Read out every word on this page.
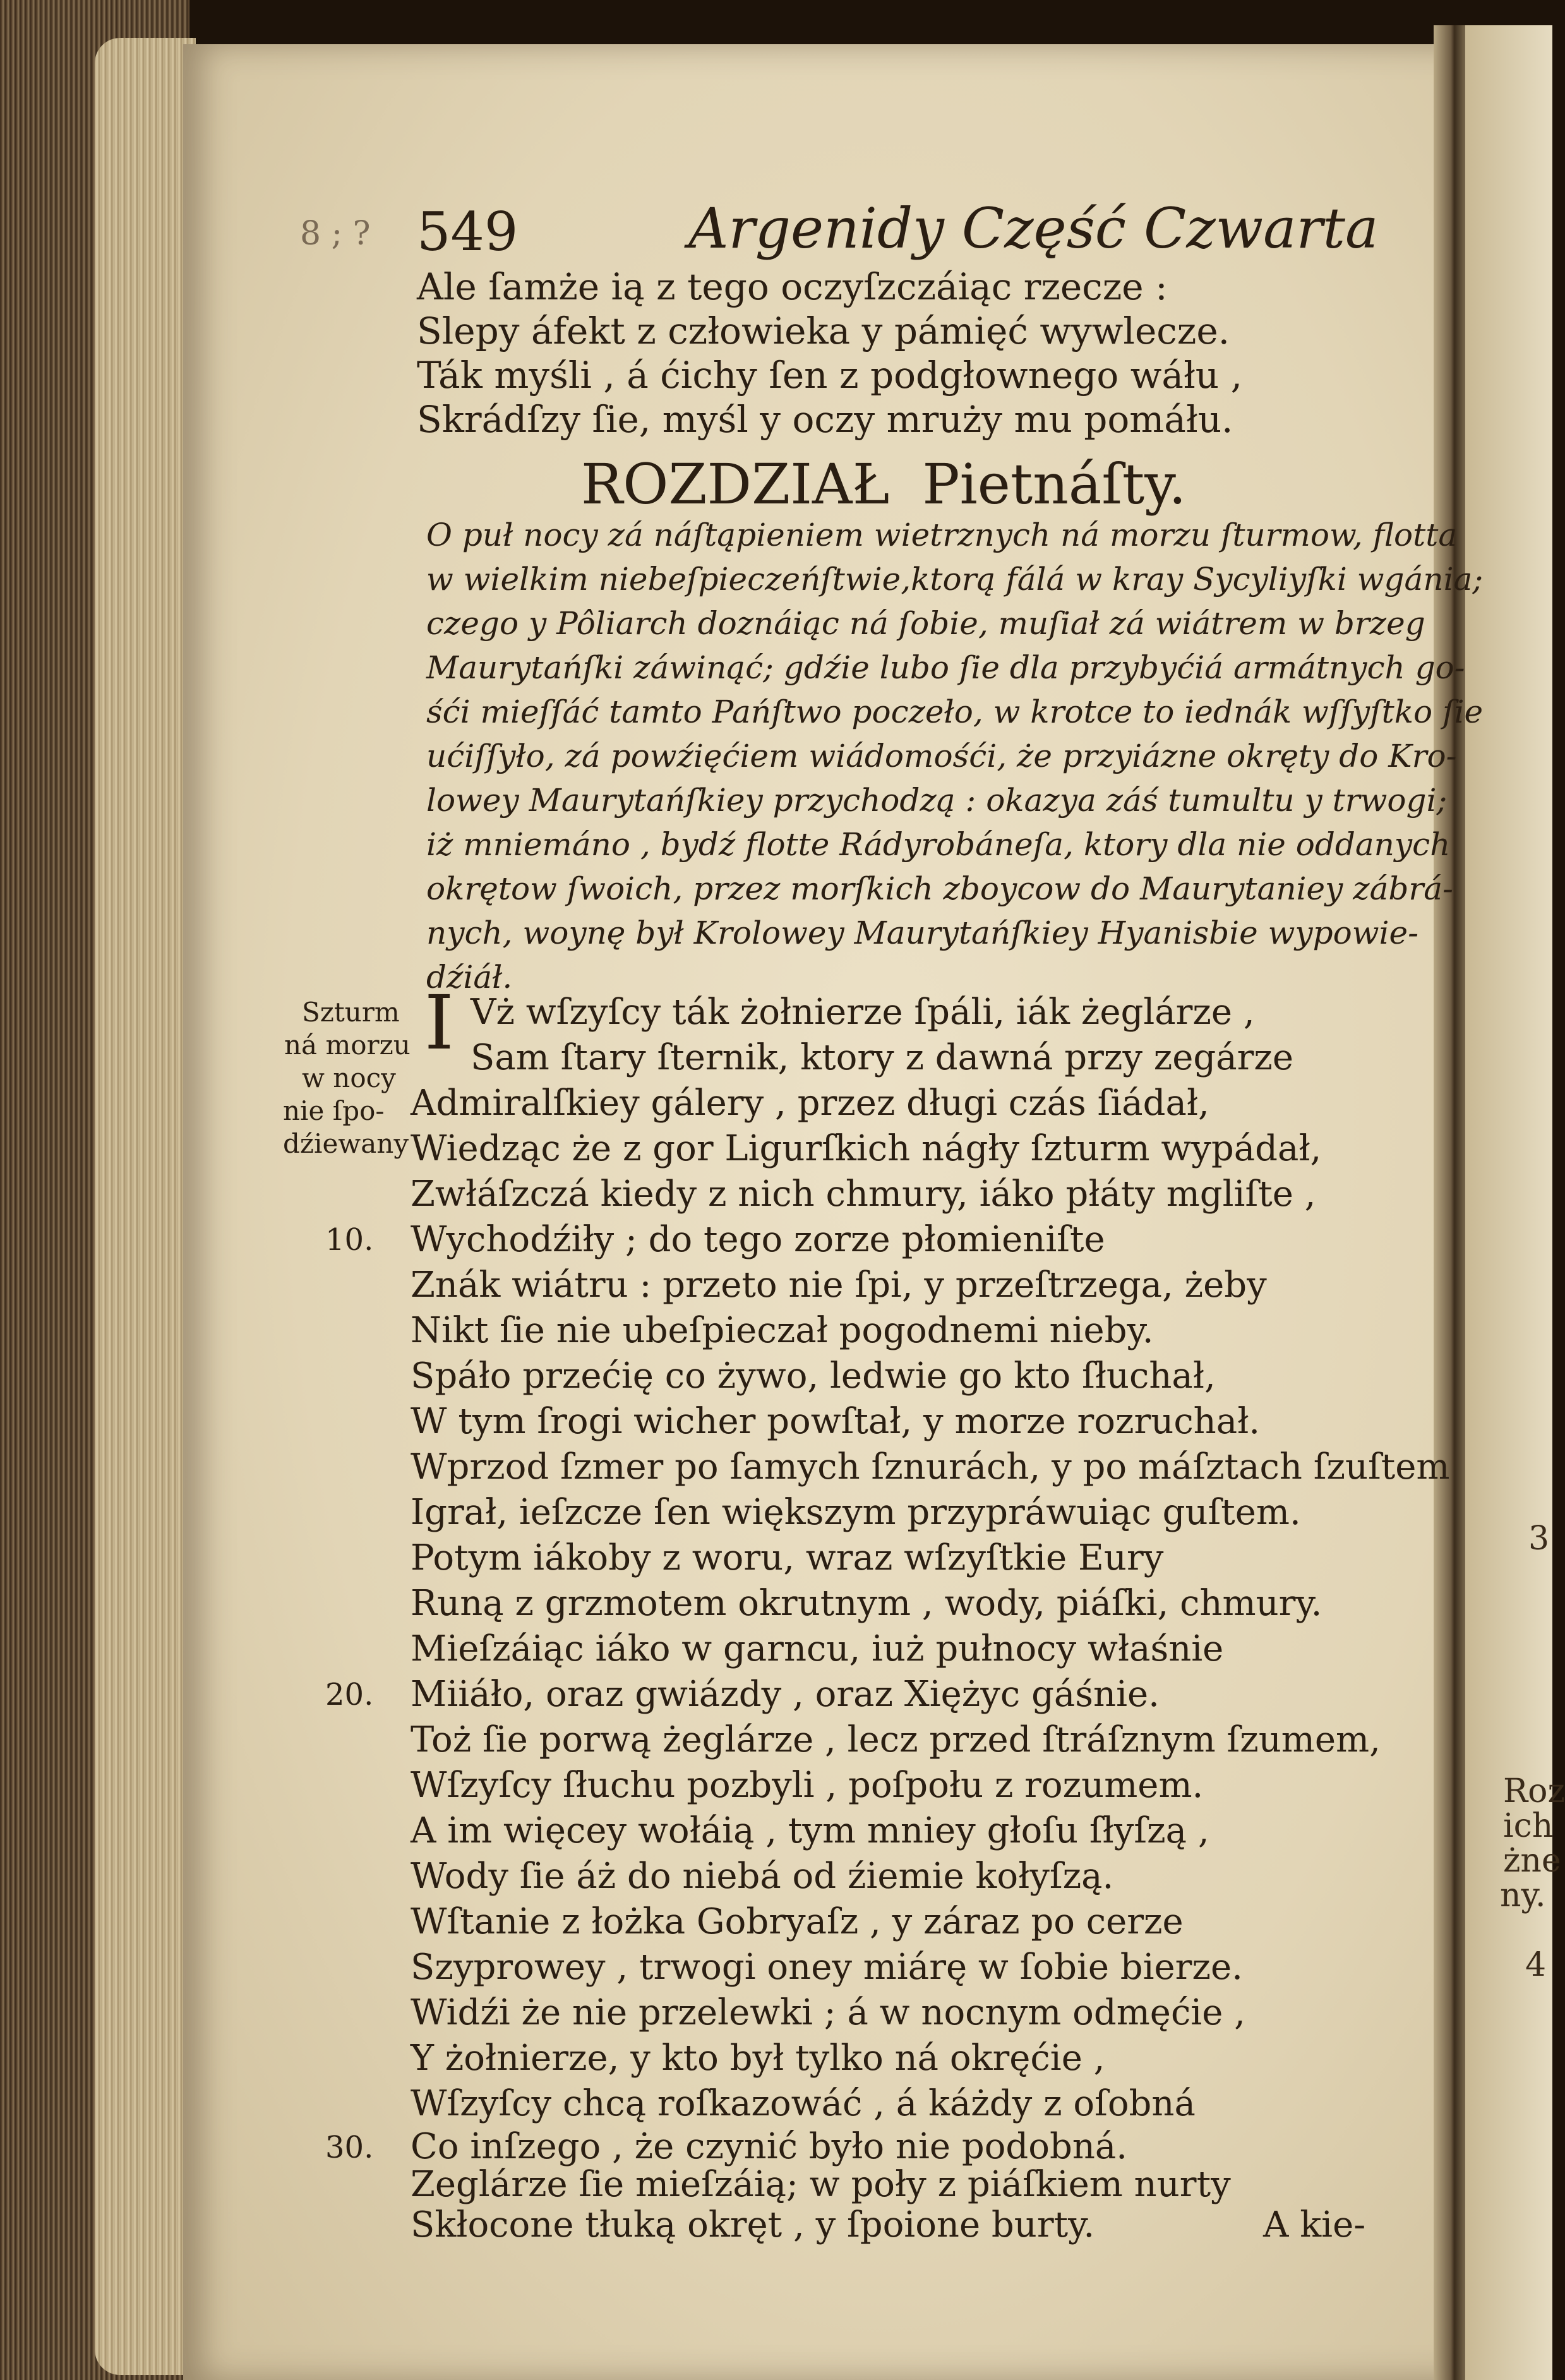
Roz
ich
żne
ny.
3
4
8 ; ? 549	Argenidy Część Czwarta
Ale ſamże ią z tego oczyſzczáiąc rzecze :
Slepy áfekt z człowieka y pámięć wywlecze.
Ták myśli , á ćichy ſen z podgłownego wáłu ,
Skrádſzy ſie, myśl y oczy mruży mu pomáłu.
ROZDZIAŁ Pietnáſty.
O puł nocy zá náſtąpieniem wietrznych ná morzu ſturmow, flotta
w wielkim niebeſpieczeńſtwie,ktorą fálá w kray Sycyliyſki wgánia;
czego y Pôliarch doznáiąc ná ſobie, muſiał zá wiátrem w brzeg
Maurytańſki záwinąć; gdźie lubo ſie dla przybyćiá armátnych go-
śći mieſſáć tamto Pańſtwo poczeło, w krotce to iednák wſſyſtko ſie
ućiſſyło, zá powźięćiem wiádomośći, że przyiázne okręty do Kro-
lowey Maurytańſkiey przychodzą : okazya záś tumultu y trwogi;
iż mniemáno , bydź flotte Rádyrobáneſa, ktory dla nie oddanych
okrętow ſwoich, przez morſkich zboycow do Maurytaniey zábrá-
nych, woynę był Krolowey Maurytańſkiey Hyanisbie wypowie-
dźiáł.
Szturm
ná morzu
w nocy
nie ſpo-
dźiewany
I Vż wſzyſcy ták żołnierze ſpáli, iák żeglárze ,
Sam ſtary ſternik, ktory z dawná przy zegárze
Admiralſkiey gálery , przez długi czás ſiádał,
Wiedząc że z gor Ligurſkich nágły ſzturm wypádał,
Zwłáſzczá kiedy z nich chmury, iáko płáty mgliſte ,
Wychodźiły ; do tego zorze płomieniſte
Znák wiátru : przeto nie ſpi, y przeſtrzega, żeby
Nikt ſie nie ubeſpieczał pogodnemi nieby.
Spáło przećię co żywo, ledwie go kto ſłuchał,
W tym ſrogi wicher powſtał, y morze rozruchał.
Wprzod ſzmer po ſamych ſznurách, y po máſztach ſzuſtem
Igrał, ieſzcze ſen większym przypráwuiąc guſtem.
Potym iákoby z woru, wraz wſzyſtkie Eury
Runą z grzmotem okrutnym , wody, piáſki, chmury.
Mieſzáiąc iáko w garncu, iuż pułnocy właśnie
Miiáło, oraz gwiázdy , oraz Xiężyc gáśnie.
Toż ſie porwą żeglárze , lecz przed ſtráſznym ſzumem,
Wſzyſcy ſłuchu pozbyli , poſpołu z rozumem.
A im więcey wołáią , tym mniey głoſu ſłyſzą ,
Wody ſie áż do niebá od źiemie kołyſzą.
Wſtanie z łożka Gobryaſz , y záraz po cerze
Szyprowey , trwogi oney miárę w ſobie bierze.
Widźi że nie przelewki ; á w nocnym odmęćie ,
Y żołnierze, y kto był tylko ná okręćie ,
Wſzyſcy chcą roſkazowáć , á káżdy z oſobná
Co inſzego , że czynić było nie podobná.
Zeglárze ſie mieſzáią; w poły z piáſkiem nurty
Skłocone tłuką okręt , y ſpoione burty.
10.
20.
30.
A kie-
